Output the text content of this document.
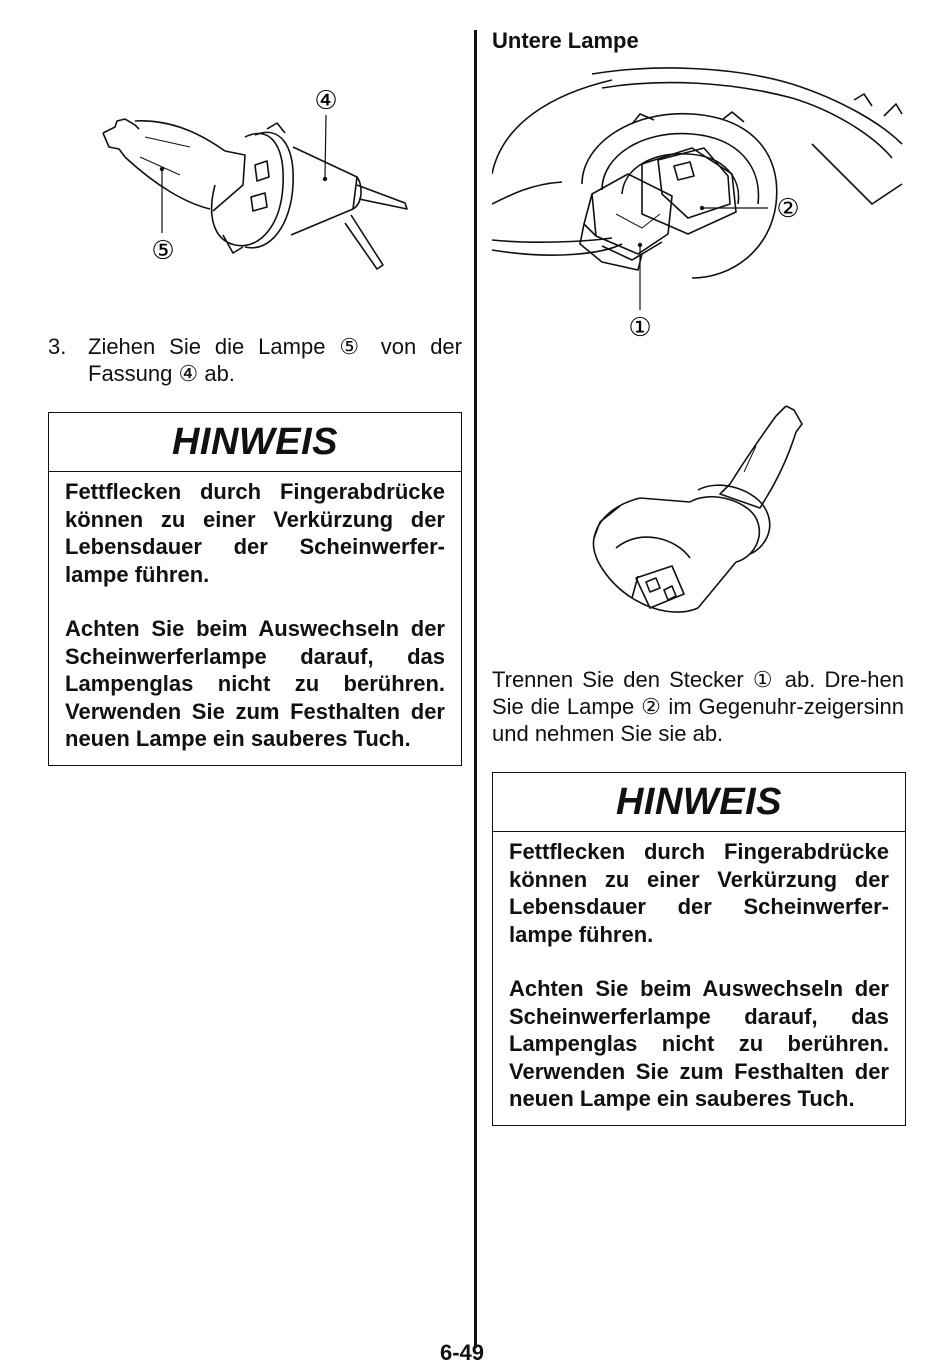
Untere Lampe
④
⑤
3. Ziehen Sie die Lampe ⑤ von der Fassung ④ ab.
HINWEIS

Fettflecken durch Fingerabdrücke können zu einer Verkürzung der Lebensdauer der Scheinwerfer-lampe führen.

Achten Sie beim Auswechseln der Scheinwerferlampe darauf, das Lampenglas nicht zu berühren. Verwenden Sie zum Festhalten der neuen Lampe ein sauberes Tuch.

②
①
Trennen Sie den Stecker ① ab. Dre-hen Sie die Lampe ② im Gegenuhr-zeigersinn und nehmen Sie sie ab.
HINWEIS

Fettflecken durch Fingerabdrücke können zu einer Verkürzung der Lebensdauer der Scheinwerfer-lampe führen.

Achten Sie beim Auswechseln der Scheinwerferlampe darauf, das Lampenglas nicht zu berühren. Verwenden Sie zum Festhalten der neuen Lampe ein sauberes Tuch.

6-49
